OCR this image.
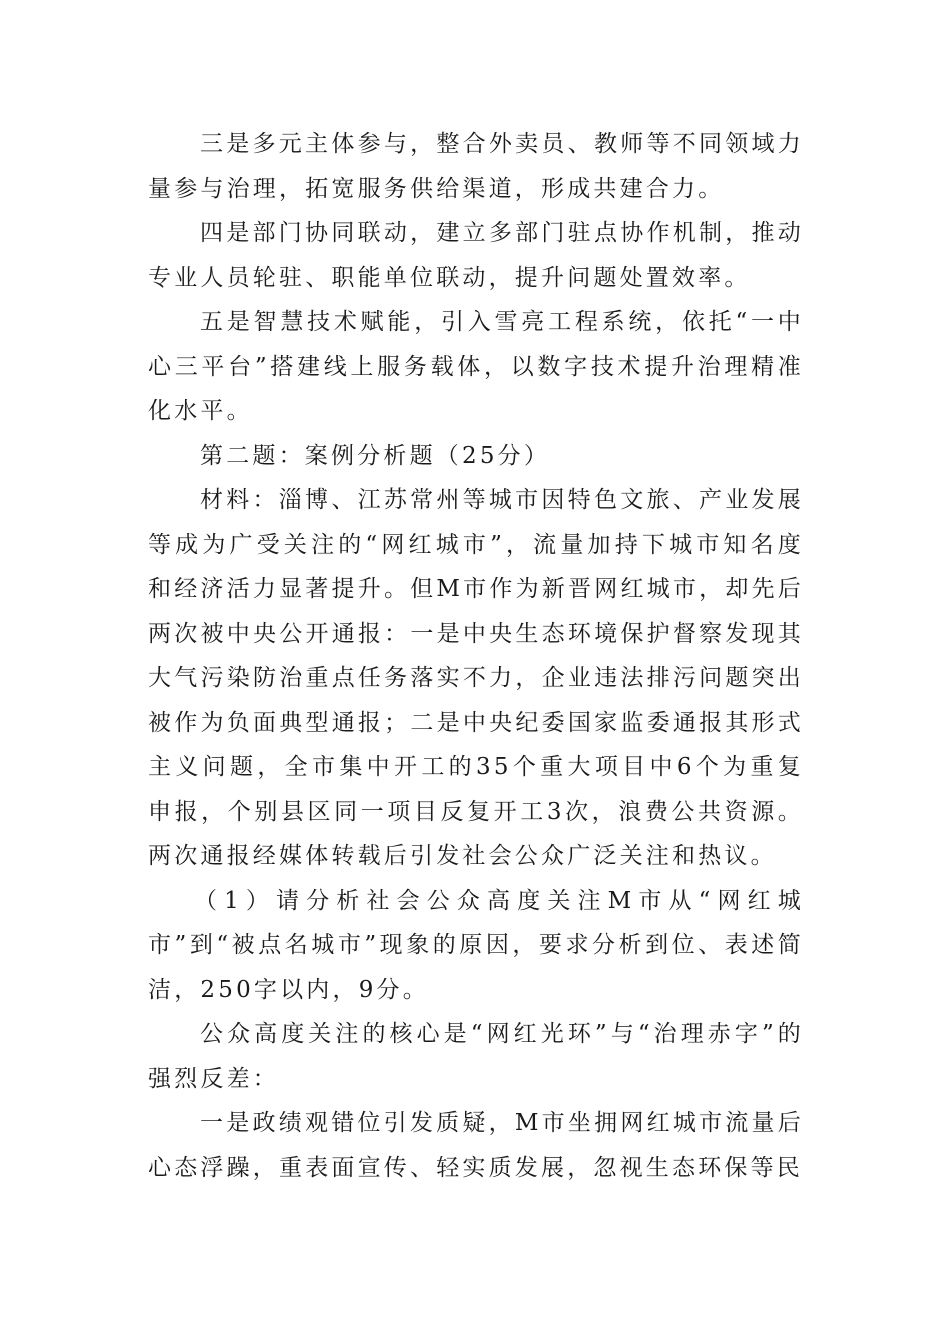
三是多元主体参与，整合外卖员、教师等不同领域力量参与治理，拓宽服务供给渠道，形成共建合力。

四是部门协同联动，建立多部门驻点协作机制，推动专业人员轮驻、职能单位联动，提升问题处置效率。

五是智慧技术赋能，引入雪亮工程系统，依托“一中心三平台”搭建线上服务载体，以数字技术提升治理精准化水平。

第二题：案例分析题（25分）

材料：淄博、江苏常州等城市因特色文旅、产业发展等成为广受关注的“网红城市”，流量加持下城市知名度和经济活力显著提升。但M市作为新晋网红城市，却先后两次被中央公开通报：一是中央生态环境保护督察发现其大气污染防治重点任务落实不力，企业违法排污问题突出被作为负面典型通报；二是中央纪委国家监委通报其形式主义问题，全市集中开工的35个重大项目中6个为重复申报，个别县区同一项目反复开工3次，浪费公共资源。两次通报经媒体转载后引发社会公众广泛关注和热议。

（1）请分析社会公众高度关注M市从“网红城市”到“被点名城市”现象的原因，要求分析到位、表述简洁，250字以内，9分。

公众高度关注的核心是“网红光环”与“治理赤字”的强烈反差：

一是政绩观错位引发质疑，M市坐拥网红城市流量后心态浮躁，重表面宣传、轻实质发展，忽视生态环保等民
